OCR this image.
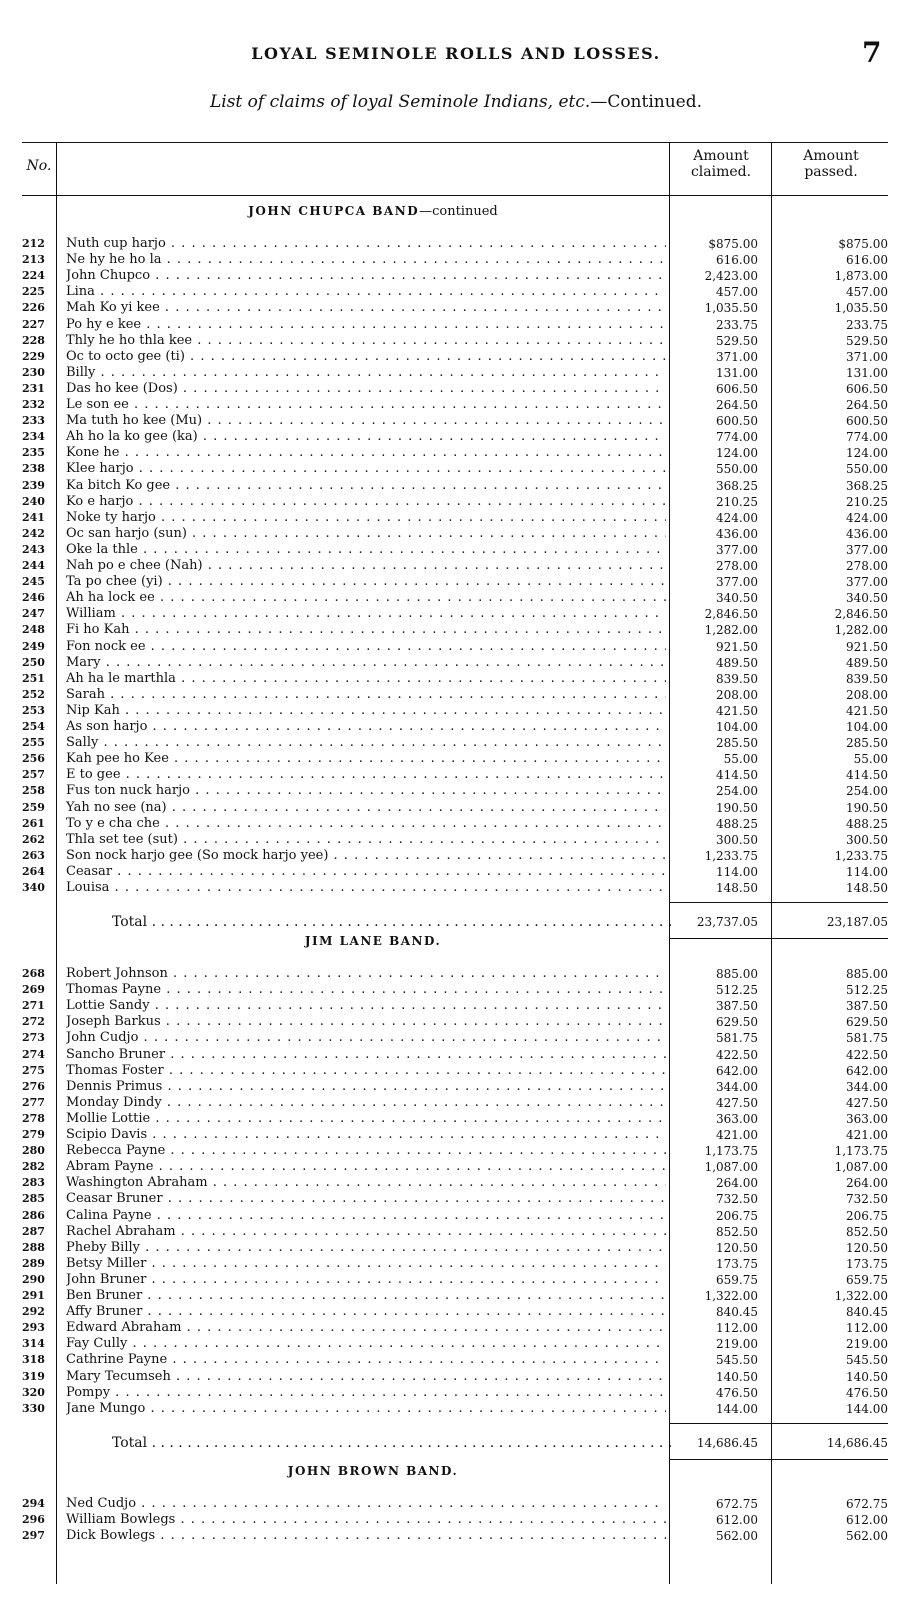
LOYAL SEMINOLE ROLLS AND LOSSES.	7
List of claims of loyal Seminole Indians, etc.—Continued.
No.
Amount claimed.
Amount passed.
JOHN CHUPCA BAND—continued
212 Nuth cup harjo . . .	$875.00	$875.00
213 Ne hy he ho la . . .	616.00	616.00
224 John Chupco . . .	2,423.00	1,873.00
225 Lina . . .	457.00	457.00
226 Mah Ko yi kee . . .	1,035.50	1,035.50
227 Po hy e kee . . .	233.75	233.75
228 Thly he ho thla kee . . .	529.50	529.50
229 Oc to octo gee (ti) . . .	371.00	371.00
230 Billy . . .	131.00	131.00
231 Das ho kee (Dos) . . .	606.50	606.50
232 Le son ee . . .	264.50	264.50
233 Ma tuth ho kee (Mu) . . .	600.50	600.50
234 Ah ho la ko gee (ka) . . .	774.00	774.00
235 Kone he . . .	124.00	124.00
238 Klee harjo . . .	550.00	550.00
239 Ka bitch Ko gee . . .	368.25	368.25
240 Ko e harjo . . .	210.25	210.25
241 Noke ty harjo . . .	424.00	424.00
242 Oc san harjo (sun) . . .	436.00	436.00
243 Oke la thle . . .	377.00	377.00
244 Nah po e chee (Nah) . . .	278.00	278.00
245 Ta po chee (yi) . . .	377.00	377.00
246 Ah ha lock ee . . .	340.50	340.50
247 William . . .	2,846.50	2,846.50
248 Fi ho Kah . . .	1,282.00	1,282.00
249 Fon nock ee . . .	921.50	921.50
250 Mary . . .	489.50	489.50
251 Ah ha le marthla . . .	839.50	839.50
252 Sarah . . .	208.00	208.00
253 Nip Kah . . .	421.50	421.50
254 As son harjo . . .	104.00	104.00
255 Sally . . .	285.50	285.50
256 Kah pee ho Kee . . .	55.00	55.00
257 E to gee . . .	414.50	414.50
258 Fus ton nuck harjo . . .	254.00	254.00
259 Yah no see (na) . . .	190.50	190.50
261 To y e cha che . . .	488.25	488.25
262 Thla set tee (sut) . . .	300.50	300.50
263 Son nock harjo gee (So mock harjo yee) . . .	1,233.75	1,233.75
264 Ceasar . . .	114.00	114.00
340 Louisa . . .	148.50	148.50
Total . . .	23,737.05	23,187.05
JIM LANE BAND.
268 Robert Johnson . . .	885.00	885.00
269 Thomas Payne . . .	512.25	512.25
271 Lottie Sandy . . .	387.50	387.50
272 Joseph Barkus . . .	629.50	629.50
273 John Cudjo . . .	581.75	581.75
274 Sancho Bruner . . .	422.50	422.50
275 Thomas Foster . . .	642.00	642.00
276 Dennis Primus . . .	344.00	344.00
277 Monday Dindy . . .	427.50	427.50
278 Mollie Lottie . . .	363.00	363.00
279 Scipio Davis . . .	421.00	421.00
280 Rebecca Payne . . .	1,173.75	1,173.75
282 Abram Payne . . .	1,087.00	1,087.00
283 Washington Abraham . . .	264.00	264.00
285 Ceasar Bruner . . .	732.50	732.50
286 Calina Payne . . .	206.75	206.75
287 Rachel Abraham . . .	852.50	852.50
288 Pheby Billy . . .	120.50	120.50
289 Betsy Miller . . .	173.75	173.75
290 John Bruner . . .	659.75	659.75
291 Ben Bruner . . .	1,322.00	1,322.00
292 Affy Bruner . . .	840.45	840.45
293 Edward Abraham . . .	112.00	112.00
314 Fay Cully . . .	219.00	219.00
318 Cathrine Payne . . .	545.50	545.50
319 Mary Tecumseh . . .	140.50	140.50
320 Pompy . . .	476.50	476.50
330 Jane Mungo . . .	144.00	144.00
Total . . .	14,686.45	14,686.45
JOHN BROWN BAND.
294 Ned Cudjo . . .	672.75	672.75
296 William Bowlegs . . .	612.00	612.00
297 Dick Bowlegs . . .	562.00	562.00
